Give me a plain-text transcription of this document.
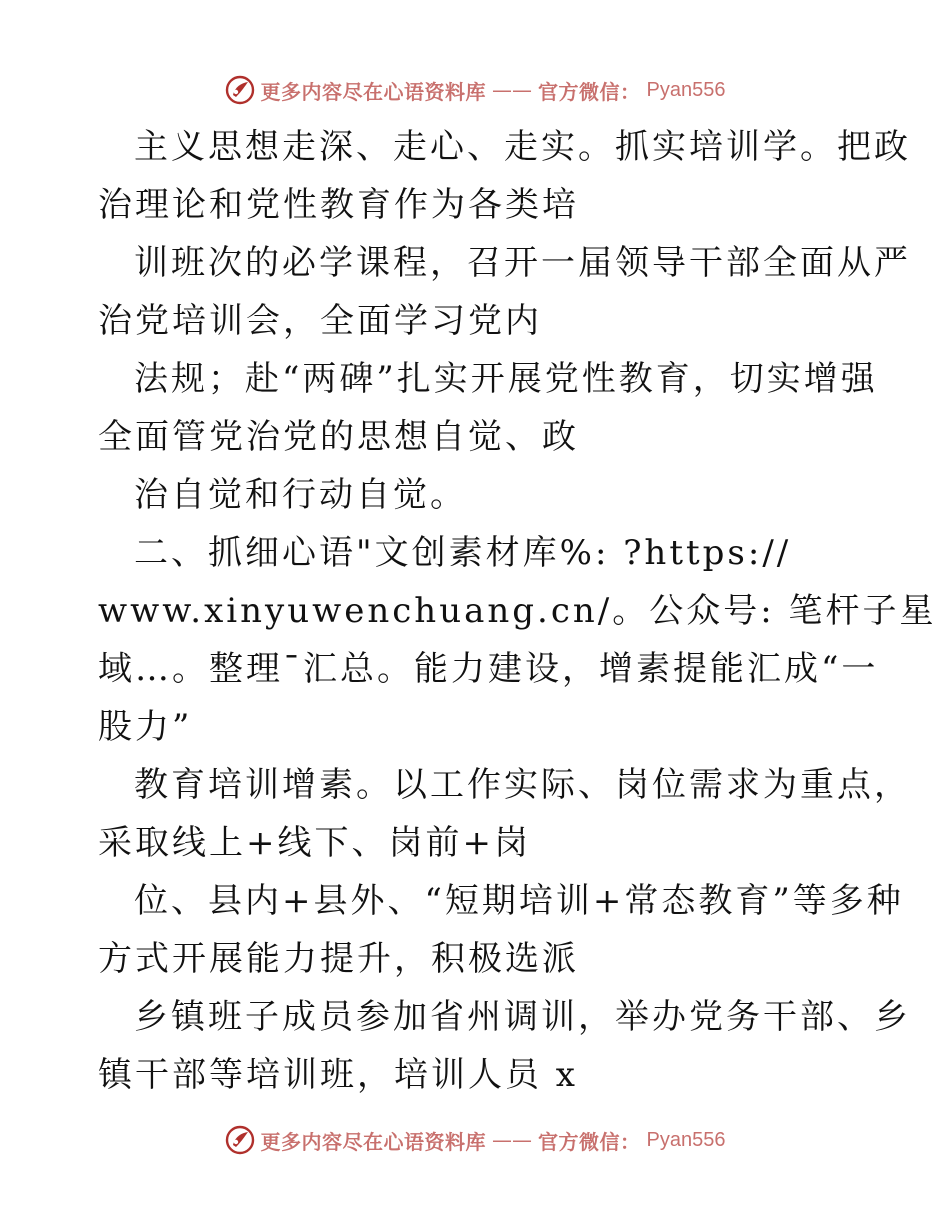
更多内容尽在心语资料库 —— 官方微信： Pyan556
主义思想走深、走心、走实。抓实培训学。把政
治理论和党性教育作为各类培
训班次的必学课程，召开一届领导干部全面从严
治党培训会，全面学习党内
法规；赴“两碑”扎实开展党性教育，切实增强
全面管党治党的思想自觉、政
治自觉和行动自觉。
二、抓细心语"文创素材库%: ?https://
www.xinyuwenchuang.cn/。公众号: 笔杆子星
域…。整理¯汇总。能力建设，增素提能汇成“一
股力”
教育培训增素。以工作实际、岗位需求为重点，
采取线上+线下、岗前+岗
位、县内+县外、“短期培训+常态教育”等多种
方式开展能力提升，积极选派
乡镇班子成员参加省州调训，举办党务干部、乡
镇干部等培训班，培训人员 x
更多内容尽在心语资料库 —— 官方微信： Pyan556
